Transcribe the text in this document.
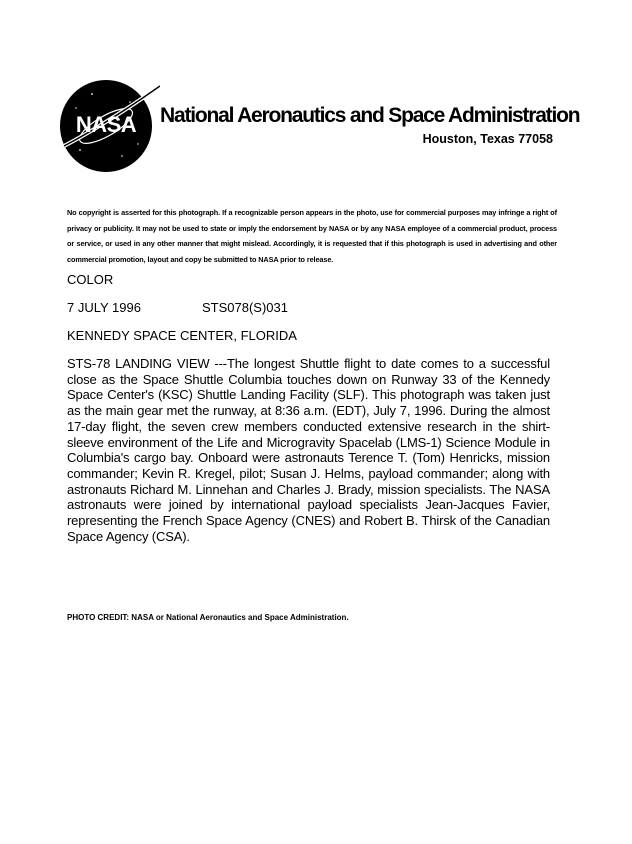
NASA National Aeronautics and Space Administration
Houston, Texas 77058
No copyright is asserted for this photograph. If a recognizable person appears in the photo, use for commercial purposes may infringe a right of privacy or publicity. It may not be used to state or imply the endorsement by NASA or by any NASA employee of a commercial product, process or service, or used in any other manner that might mislead. Accordingly, it is requested that if this photograph is used in advertising and other commercial promotion, layout and copy be submitted to NASA prior to release.
COLOR
7 JULY 1996	STS078(S)031
KENNEDY SPACE CENTER, FLORIDA
STS-78 LANDING VIEW ---The longest Shuttle flight to date comes to a successful close as the Space Shuttle Columbia touches down on Runway 33 of the Kennedy Space Center's (KSC) Shuttle Landing Facility (SLF). This photograph was taken just as the main gear met the runway, at 8:36 a.m. (EDT), July 7, 1996. During the almost 17-day flight, the seven crew members conducted extensive research in the shirt-sleeve environment of the Life and Microgravity Spacelab (LMS-1) Science Module in Columbia's cargo bay. Onboard were astronauts Terence T. (Tom) Henricks, mission commander; Kevin R. Kregel, pilot; Susan J. Helms, payload commander; along with astronauts Richard M. Linnehan and Charles J. Brady, mission specialists. The NASA astronauts were joined by international payload specialists Jean-Jacques Favier, representing the French Space Agency (CNES) and Robert B. Thirsk of the Canadian Space Agency (CSA).
PHOTO CREDIT: NASA or National Aeronautics and Space Administration.
